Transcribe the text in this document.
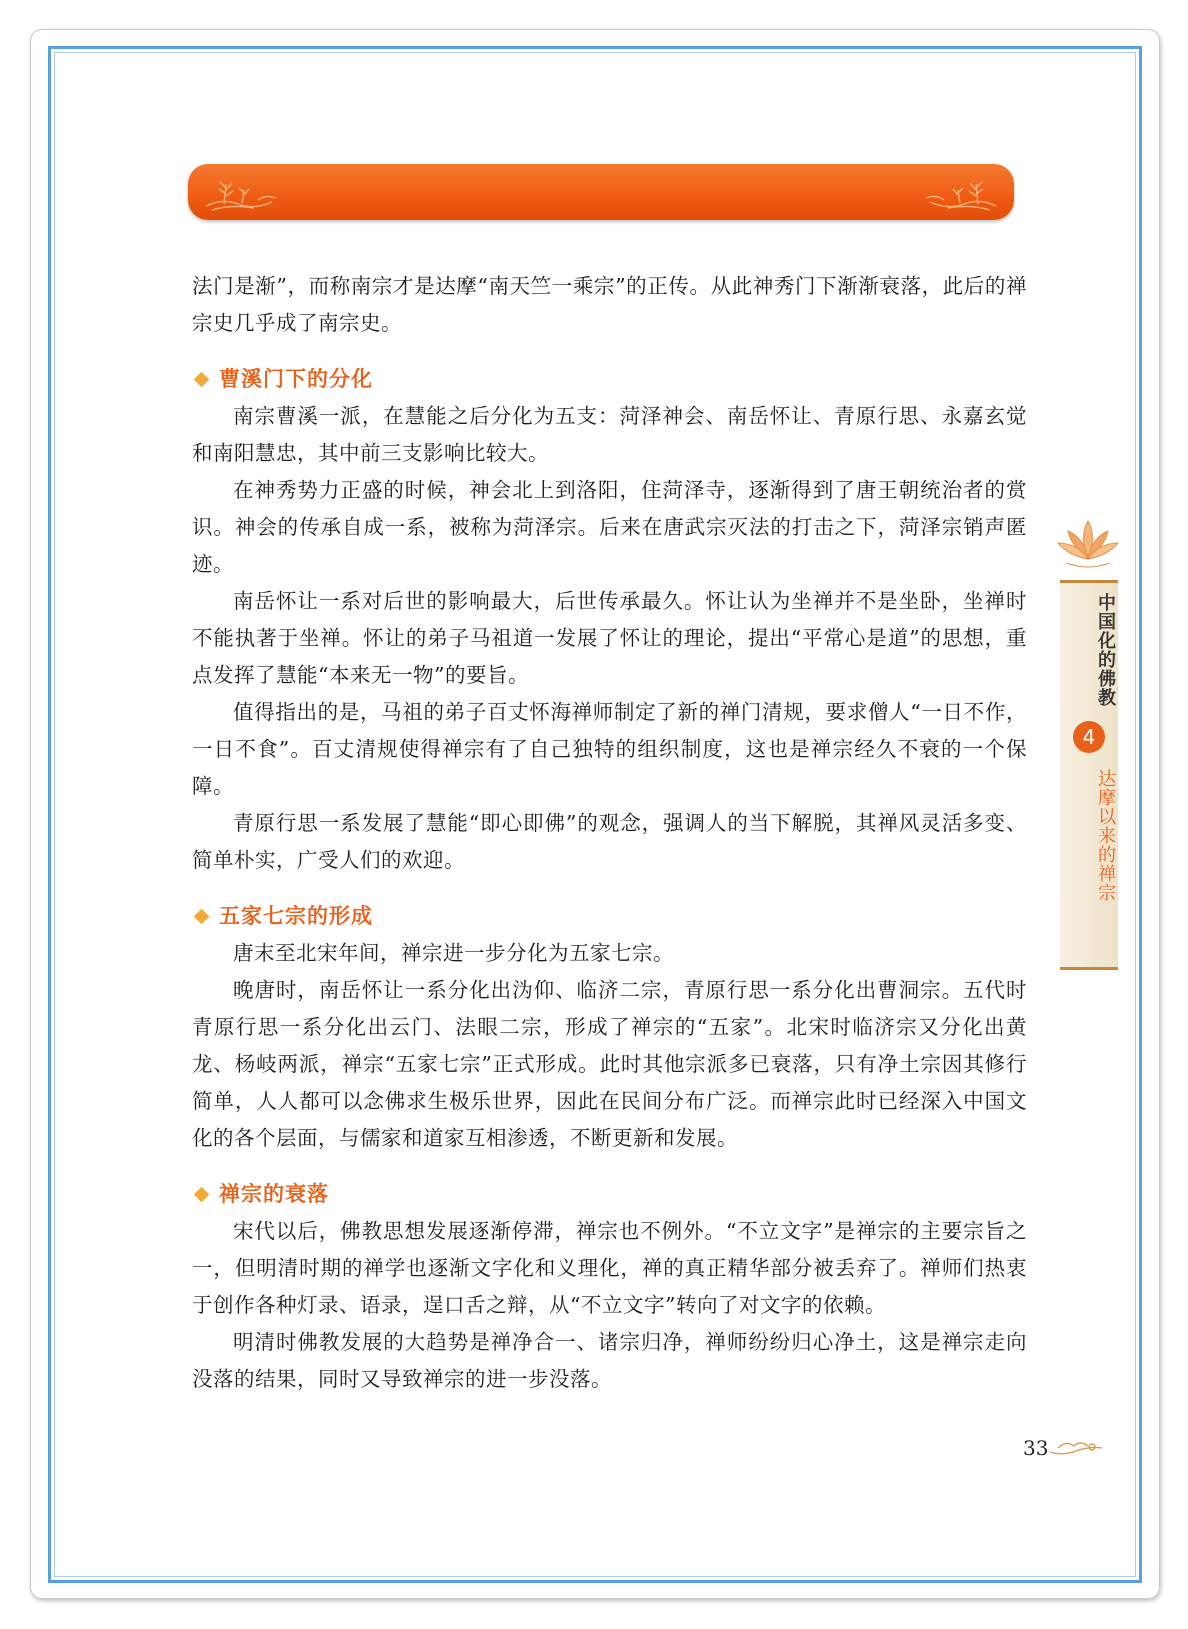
法门是渐”，而称南宗才是达摩“南天竺一乘宗”的正传。从此神秀门下渐渐衰落，此后的禅宗史几乎成了南宗史。

曹溪门下的分化

南宗曹溪一派，在慧能之后分化为五支：菏泽神会、南岳怀让、青原行思、永嘉玄觉和南阳慧忠，其中前三支影响比较大。

在神秀势力正盛的时候，神会北上到洛阳，住菏泽寺，逐渐得到了唐王朝统治者的赏识。神会的传承自成一系，被称为菏泽宗。后来在唐武宗灭法的打击之下，菏泽宗销声匿迹。

南岳怀让一系对后世的影响最大，后世传承最久。怀让认为坐禅并不是坐卧，坐禅时不能执著于坐禅。怀让的弟子马祖道一发展了怀让的理论，提出“平常心是道”的思想，重点发挥了慧能“本来无一物”的要旨。

值得指出的是，马祖的弟子百丈怀海禅师制定了新的禅门清规，要求僧人“一日不作，一日不食”。百丈清规使得禅宗有了自己独特的组织制度，这也是禅宗经久不衰的一个保障。

青原行思一系发展了慧能“即心即佛”的观念，强调人的当下解脱，其禅风灵活多变、简单朴实，广受人们的欢迎。

五家七宗的形成

唐末至北宋年间，禅宗进一步分化为五家七宗。

晚唐时，南岳怀让一系分化出沩仰、临济二宗，青原行思一系分化出曹洞宗。五代时青原行思一系分化出云门、法眼二宗，形成了禅宗的“五家”。北宋时临济宗又分化出黄龙、杨岐两派，禅宗“五家七宗”正式形成。此时其他宗派多已衰落，只有净土宗因其修行简单，人人都可以念佛求生极乐世界，因此在民间分布广泛。而禅宗此时已经深入中国文化的各个层面，与儒家和道家互相渗透，不断更新和发展。

禅宗的衰落

宋代以后，佛教思想发展逐渐停滞，禅宗也不例外。“不立文字”是禅宗的主要宗旨之一，但明清时期的禅学也逐渐文字化和义理化，禅的真正精华部分被丢弃了。禅师们热衷于创作各种灯录、语录，逞口舌之辩，从“不立文字”转向了对文字的依赖。

明清时佛教发展的大趋势是禅净合一、诸宗归净，禅师纷纷归心净土，这是禅宗走向没落的结果，同时又导致禅宗的进一步没落。

中国化的佛教
4
达摩以来的禅宗
33
